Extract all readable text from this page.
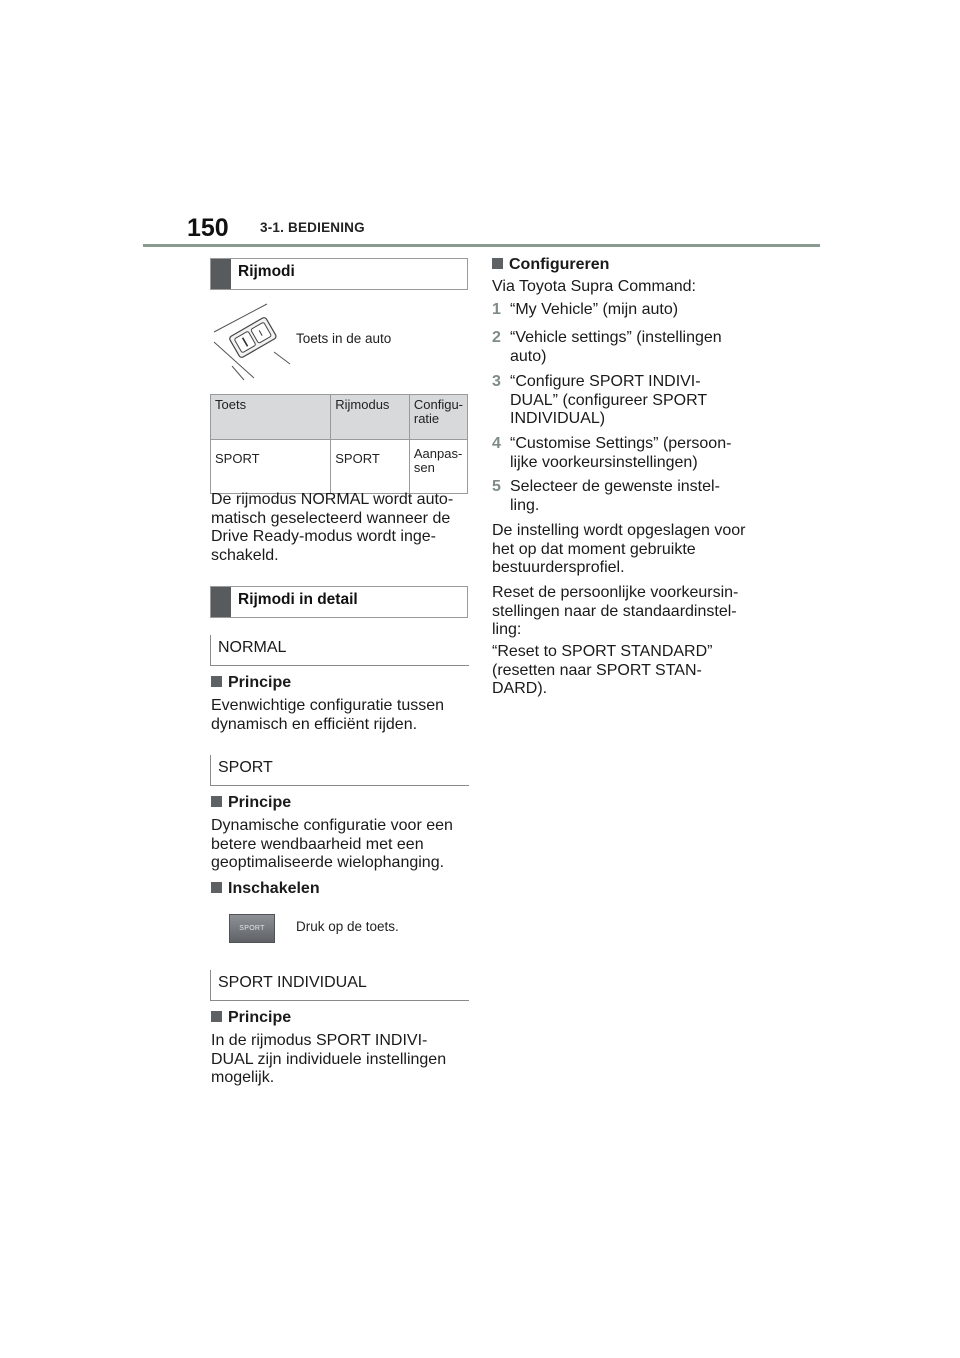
150 3-1. BEDIENING
Rijmodi
Toets in de auto
Toets	Rijmodus	Configu-
ratie

SPORT	SPORT	Aanpas-
sen
De rijmodus NORMAL wordt auto-
matisch geselecteerd wanneer de
Drive Ready-modus wordt inge-
schakeld.
Rijmodi in detail
NORMAL
Principe
Evenwichtige configuratie tussen
dynamisch en efficiënt rijden.
SPORT
Principe
Dynamische configuratie voor een
betere wendbaarheid met een
geoptimaliseerde wielophanging.
Inschakelen
SPORT	Druk op de toets.
SPORT INDIVIDUAL
Principe
In de rijmodus SPORT INDIVI-
DUAL zijn individuele instellingen
mogelijk.
Configureren
Via Toyota Supra Command:
1 “My Vehicle” (mijn auto)
2 “Vehicle settings” (instellingen
auto)
3 “Configure SPORT INDIVI-
DUAL” (configureer SPORT
INDIVIDUAL)
4 “Customise Settings” (persoon-
lijke voorkeursinstellingen)
5 Selecteer de gewenste instel-
ling.
De instelling wordt opgeslagen voor
het op dat moment gebruikte
bestuurdersprofiel.
Reset de persoonlijke voorkeursin-
stellingen naar de standaardinstel-
ling:
“Reset to SPORT STANDARD”
(resetten naar SPORT STAN-
DARD).
